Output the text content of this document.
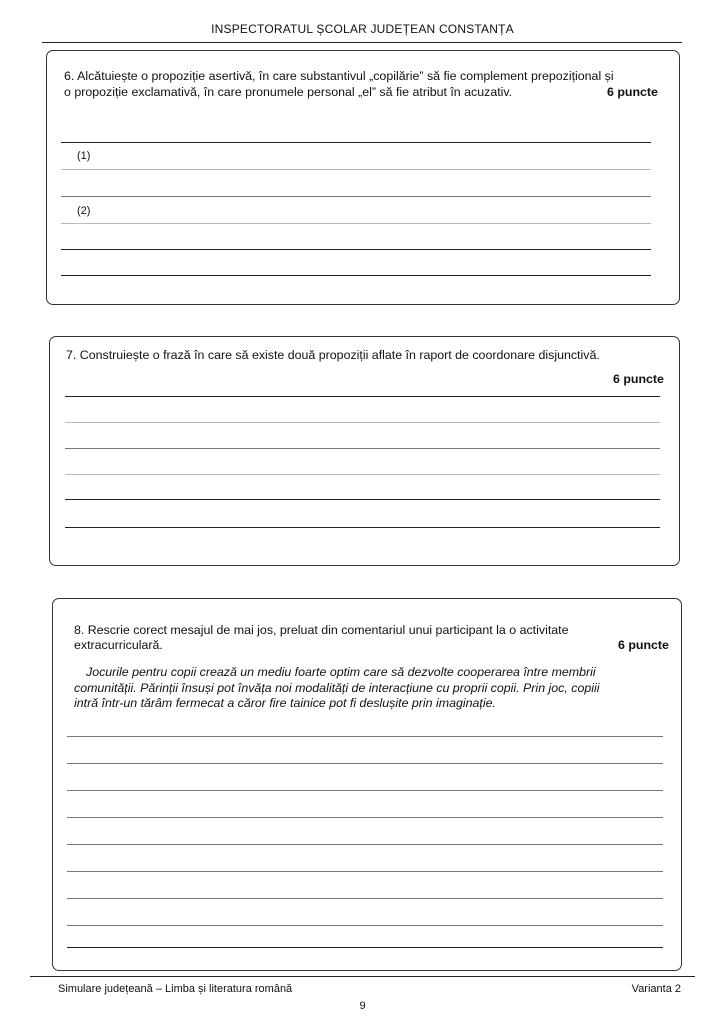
INSPECTORATUL ȘCOLAR JUDEȚEAN CONSTANȚA
6. Alcătuiește o propoziție asertivă, în care substantivul „copilărie” să fie complement prepozițional și
o propoziție exclamativă, în care pronumele personal „el” să fie atribut în acuzativ.	6 puncte
(1)
(2)
7. Construiește o frază în care să existe două propoziții aflate în raport de coordonare disjunctivă.
6 puncte
8. Rescrie corect mesajul de mai jos, preluat din comentariul unui participant la o activitate
extracurriculară.	6 puncte
Jocurile pentru copii crează un mediu foarte optim care să dezvolte cooperarea între membrii
comunității. Părinții însuși pot învăța noi modalități de interacțiune cu proprii copii. Prin joc, copiii
intră într-un tărâm fermecat a căror fire tainice pot fi deslușite prin imaginație.
Simulare județeană – Limba și literatura română	Varianta 2
9
